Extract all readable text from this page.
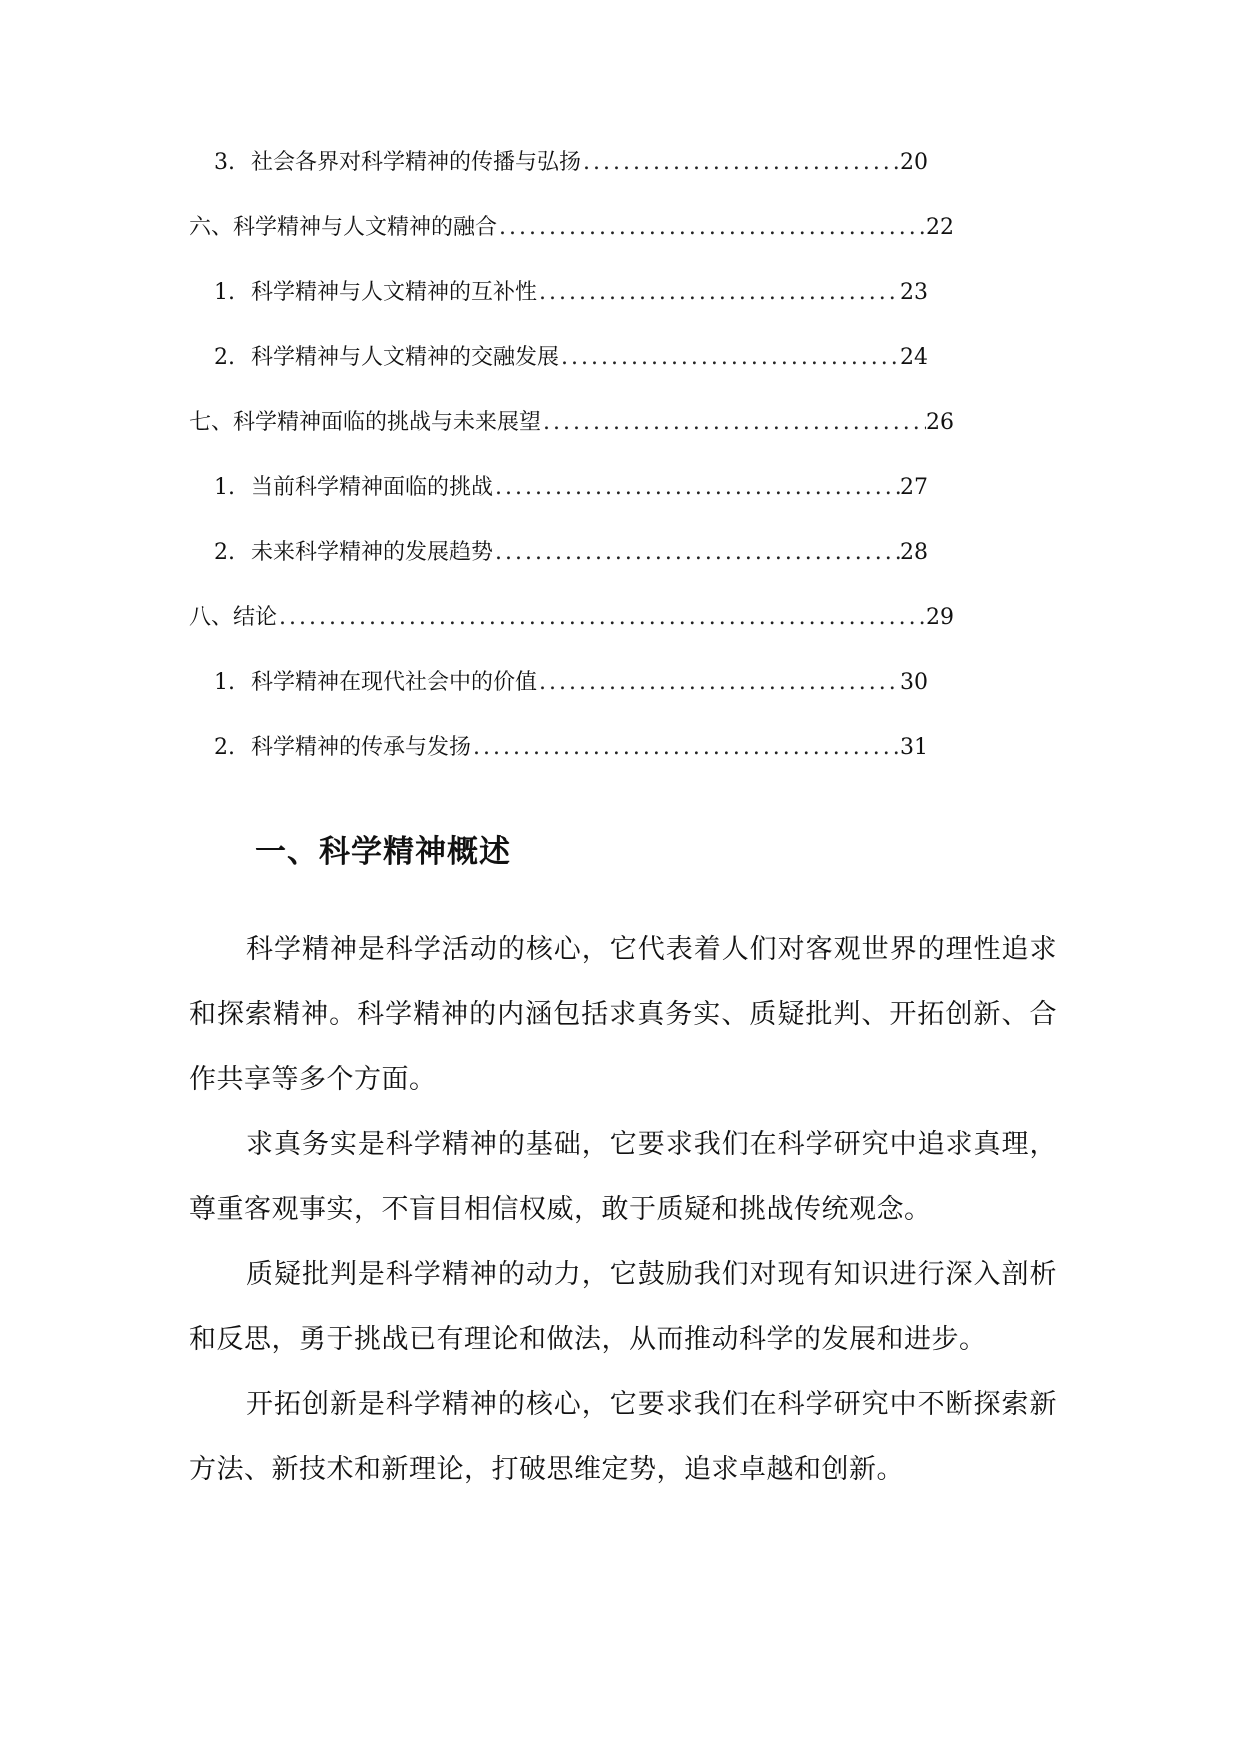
3. 社会各界对科学精神的传播与弘扬 .....	20
六、科学精神与人文精神的融合 .....	22
1. 科学精神与人文精神的互补性 .....	23
2. 科学精神与人文精神的交融发展 .....	24
七、科学精神面临的挑战与未来展望 .....	26
1. 当前科学精神面临的挑战 .....	27
2. 未来科学精神的发展趋势 .....	28
八、结论 .....	29
1. 科学精神在现代社会中的价值 .....	30
2. 科学精神的传承与发扬 .....	31
一、科学精神概述

科学精神是科学活动的核心，它代表着人们对客观世界的理性追求和探索精神。科学精神的内涵包括求真务实、质疑批判、开拓创新、合作共享等多个方面。

求真务实是科学精神的基础，它要求我们在科学研究中追求真理，尊重客观事实，不盲目相信权威，敢于质疑和挑战传统观念。

质疑批判是科学精神的动力，它鼓励我们对现有知识进行深入剖析和反思，勇于挑战已有理论和做法，从而推动科学的发展和进步。

开拓创新是科学精神的核心，它要求我们在科学研究中不断探索新方法、新技术和新理论，打破思维定势，追求卓越和创新。
